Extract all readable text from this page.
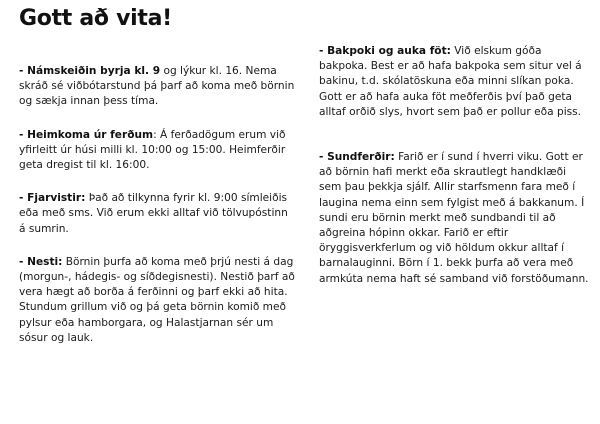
Gott að vita!
- Námskeiðin byrja kl. 9 og lýkur kl. 16. Nema skráð sé viðbótarstund þá þarf að koma með börnin og sækja innan þess tíma.
- Heimkoma úr ferðum: Á ferðadögum erum við yfirleitt úr húsi milli kl. 10:00 og 15:00. Heimferðir geta dregist til kl. 16:00.
- Fjarvistir: Það að tilkynna fyrir kl. 9:00 símleiðis eða með sms. Við erum ekki alltaf við tölvupóstinn á sumrin.
- Nesti: Börnin þurfa að koma með þrjú nesti á dag (morgun-, hádegis- og síðdegisnesti). Nestið þarf að vera hægt að borða á ferðinni og þarf ekki að hita. Stundum grillum við og þá geta börnin komið með pylsur eða hamborgara, og Halastjarnan sér um sósur og lauk.
- Bakpoki og auka föt: Við elskum góða bakpoka. Best er að hafa bakpoka sem situr vel á bakinu, t.d. skólatöskuna eða minni slíkan poka. Gott er að hafa auka föt meðferðis því það geta alltaf orðið slys, hvort sem það er pollur eða piss.
- Sundferðir: Farið er í sund í hverri viku. Gott er að börnin hafi merkt eða skrautlegt handklæði sem þau þekkja sjálf. Allir starfsmenn fara með í laugina nema einn sem fylgist með á bakkanum. Í sundi eru börnin merkt með sundbandi til að aðgreina hópinn okkar. Farið er eftir öryggisverkferlum og við höldum okkur alltaf í barnalauginni. Börn í 1. bekk þurfa að vera með armkúta nema haft sé samband við forstöðumann.
